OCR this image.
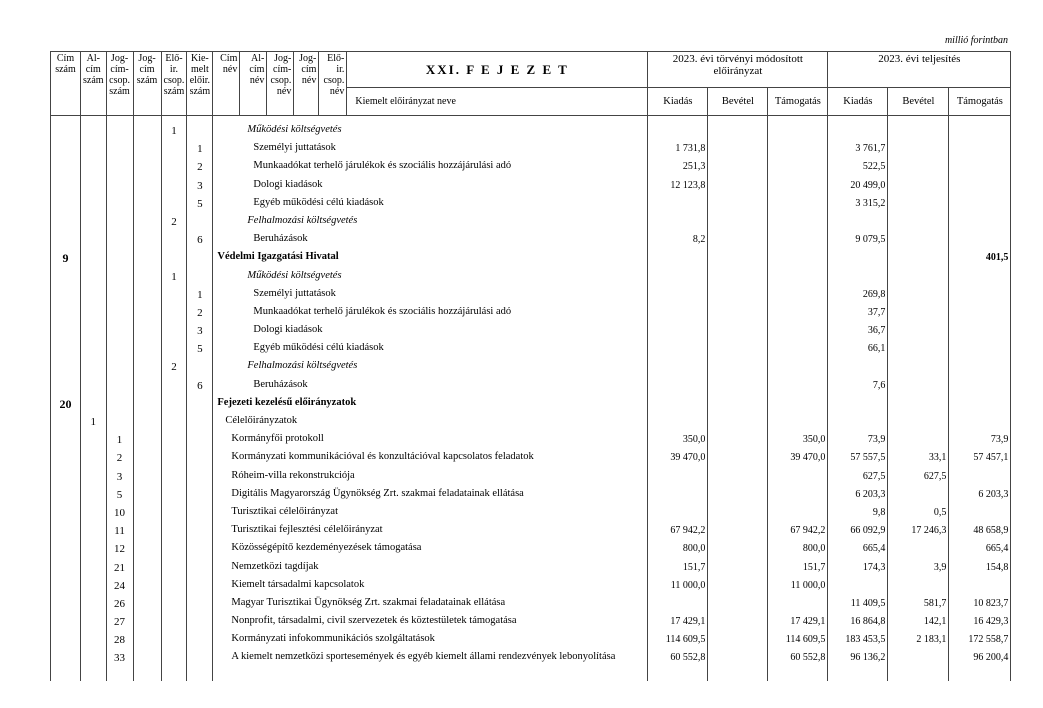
millió forintban
Cím szám	Al- cím szám	Jog- cím- csop. szám	Jog- cím szám	Elő- ir. csop. szám	Kie- melt előir. szám	Cím név	Al- cím név	Jog- cím- csop. név	Jog- cím név	Elő- ir. csop. név	XXI. F E J E Z E T	2023. évi törvényi módosított előirányzat			2023. évi teljesítés		
											Kiemelt előirányzat neve	Kiadás	Bevétel	Támogatás	Kiadás	Bevétel	Támogatás

				1		Működési költségvetés											
					1	Személyi juttatások						1 731,8			3 761,7		
					2	Munkaadókat terhelő járulékok és szociális hozzájárulási adó						251,3			522,5		
					3	Dologi kiadások						12 123,8			20 499,0		
					5	Egyéb működési célú kiadások									3 315,2		
				2		Felhalmozási költségvetés											
					6	Beruházások						8,2			9 079,5		
9						Védelmi Igazgatási Hivatal											401,5
				1		Működési költségvetés											
					1	Személyi juttatások									269,8		
					2	Munkaadókat terhelő járulékok és szociális hozzájárulási adó									37,7		
					3	Dologi kiadások									36,7		
					5	Egyéb működési célú kiadások									66,1		
				2		Felhalmozási költségvetés											
					6	Beruházások									7,6		
20						Fejezeti kezelésű előirányzatok											
	1					Célelőirányzatok											
		1				Kormányfői protokoll						350,0		350,0	73,9		73,9
		2				Kormányzati kommunikációval és konzultációval kapcsolatos feladatok						39 470,0		39 470,0	57 557,5	33,1	57 457,1
		3				Róheim-villa rekonstrukciója									627,5	627,5	
		5				Digitális Magyarország Ügynökség Zrt. szakmai feladatainak ellátása									6 203,3		6 203,3
		10				Turisztikai célelőirányzat									9,8	0,5	
		11				Turisztikai fejlesztési célelőirányzat						67 942,2		67 942,2	66 092,9	17 246,3	48 658,9
		12				Közösségépítő kezdeményezések támogatása						800,0		800,0	665,4		665,4
		21				Nemzetközi tagdíjak						151,7		151,7	174,3	3,9	154,8
		24				Kiemelt társadalmi kapcsolatok						11 000,0		11 000,0			
		26				Magyar Turisztikai Ügynökség Zrt. szakmai feladatainak ellátása									11 409,5	581,7	10 823,7
		27				Nonprofit, társadalmi, civil szervezetek és köztestületek támogatása						17 429,1		17 429,1	16 864,8	142,1	16 429,3
		28				Kormányzati infokommunikációs szolgáltatások						114 609,5		114 609,5	183 453,5	2 183,1	172 558,7
		33				A kiemelt nemzetközi sportesemények és egyéb kiemelt állami rendezvények lebonyolítása						60 552,8		60 552,8	96 136,2		96 200,4
